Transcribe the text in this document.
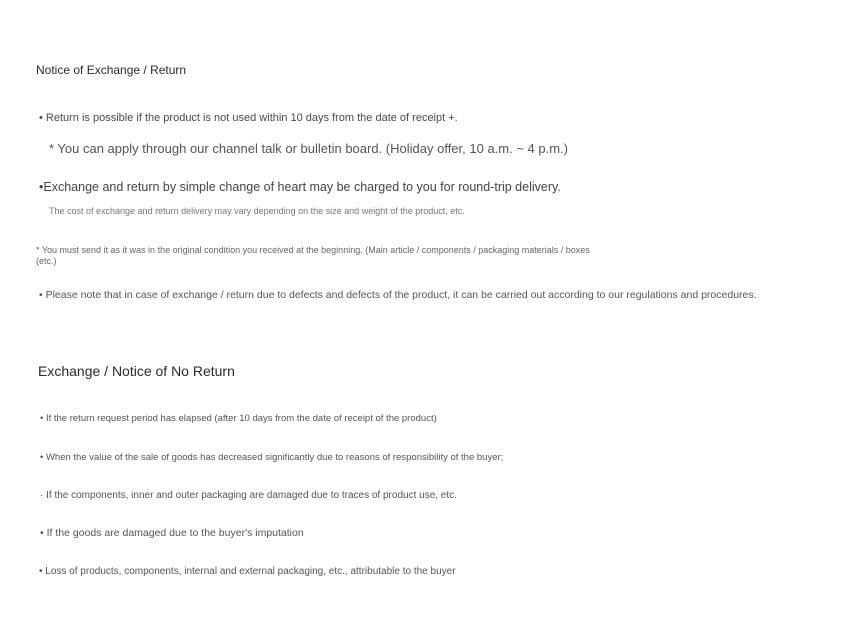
Notice of Exchange / Return
• Return is possible if the product is not used within 10 days from the date of receipt +.
* You can apply through our channel talk or bulletin board. (Holiday offer, 10 a.m. ~ 4 p.m.)
•Exchange and return by simple change of heart may be charged to you for round-trip delivery.
The cost of exchange and return delivery may vary depending on the size and weight of the product, etc.
* You must send it as it was in the original condition you received at the beginning. (Main article / components / packaging materials / boxes (etc.)
• Please note that in case of exchange / return due to defects and defects of the product, it can be carried out according to our regulations and procedures.
Exchange / Notice of No Return
• If the return request period has elapsed (after 10 days from the date of receipt of the product)
• When the value of the sale of goods has decreased significantly due to reasons of responsibility of the buyer;
· If the components, inner and outer packaging are damaged due to traces of product use, etc.
• If the goods are damaged due to the buyer's imputation
• Loss of products, components, internal and external packaging, etc., attributable to the buyer
